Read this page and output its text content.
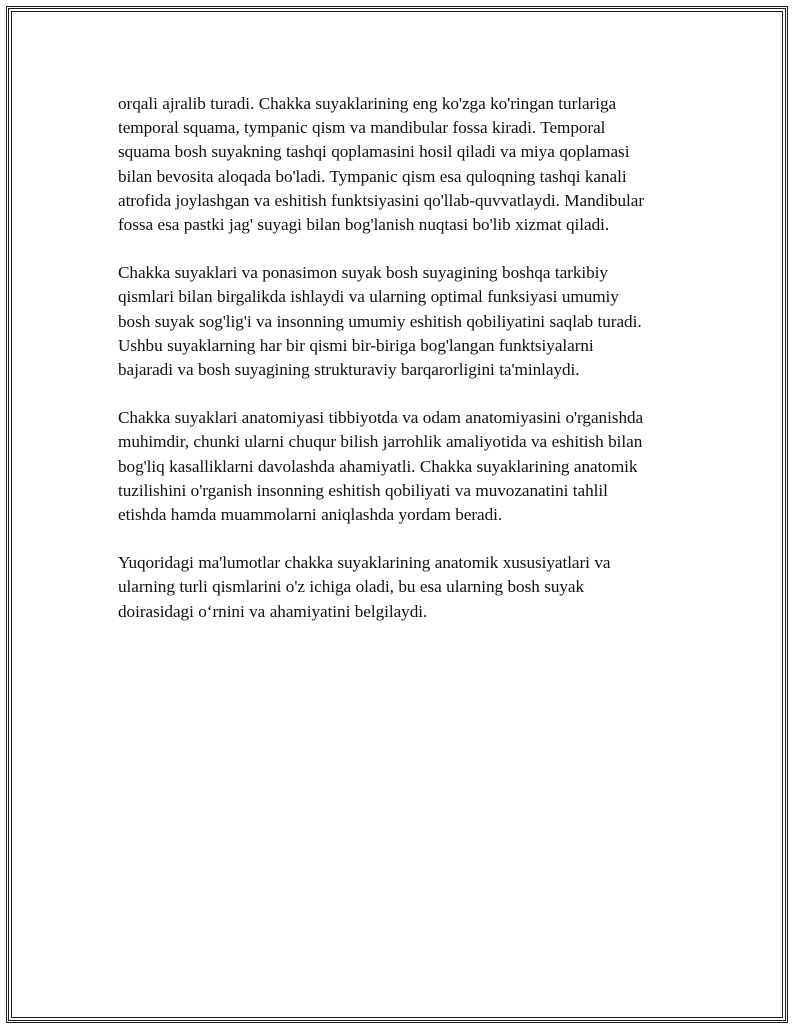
orqali ajralib turadi. Chakka suyaklarining eng ko'zga ko'ringan turlariga
temporal squama, tympanic qism va mandibular fossa kiradi. Temporal
squama bosh suyakning tashqi qoplamasini hosil qiladi va miya qoplamasi
bilan bevosita aloqada bo'ladi. Tympanic qism esa quloqning tashqi kanali
atrofida joylashgan va eshitish funktsiyasini qo'llab-quvvatlaydi. Mandibular
fossa esa pastki jag' suyagi bilan bog'lanish nuqtasi bo'lib xizmat qiladi.

Chakka suyaklari va ponasimon suyak bosh suyagining boshqa tarkibiy
qismlari bilan birgalikda ishlaydi va ularning optimal funksiyasi umumiy
bosh suyak sog'lig'i va insonning umumiy eshitish qobiliyatini saqlab turadi.
Ushbu suyaklarning har bir qismi bir-biriga bog'langan funktsiyalarni
bajaradi va bosh suyagining strukturaviy barqarorligini ta'minlaydi.

Chakka suyaklari anatomiyasi tibbiyotda va odam anatomiyasini o'rganishda
muhimdir, chunki ularni chuqur bilish jarrohlik amaliyotida va eshitish bilan
bog'liq kasalliklarni davolashda ahamiyatli. Chakka suyaklarining anatomik
tuzilishini o'rganish insonning eshitish qobiliyati va muvozanatini tahlil
etishda hamda muammolarni aniqlashda yordam beradi.

Yuqoridagi ma'lumotlar chakka suyaklarining anatomik xususiyatlari va
ularning turli qismlarini o'z ichiga oladi, bu esa ularning bosh suyak
doirasidagi o‘rnini va ahamiyatini belgilaydi.
